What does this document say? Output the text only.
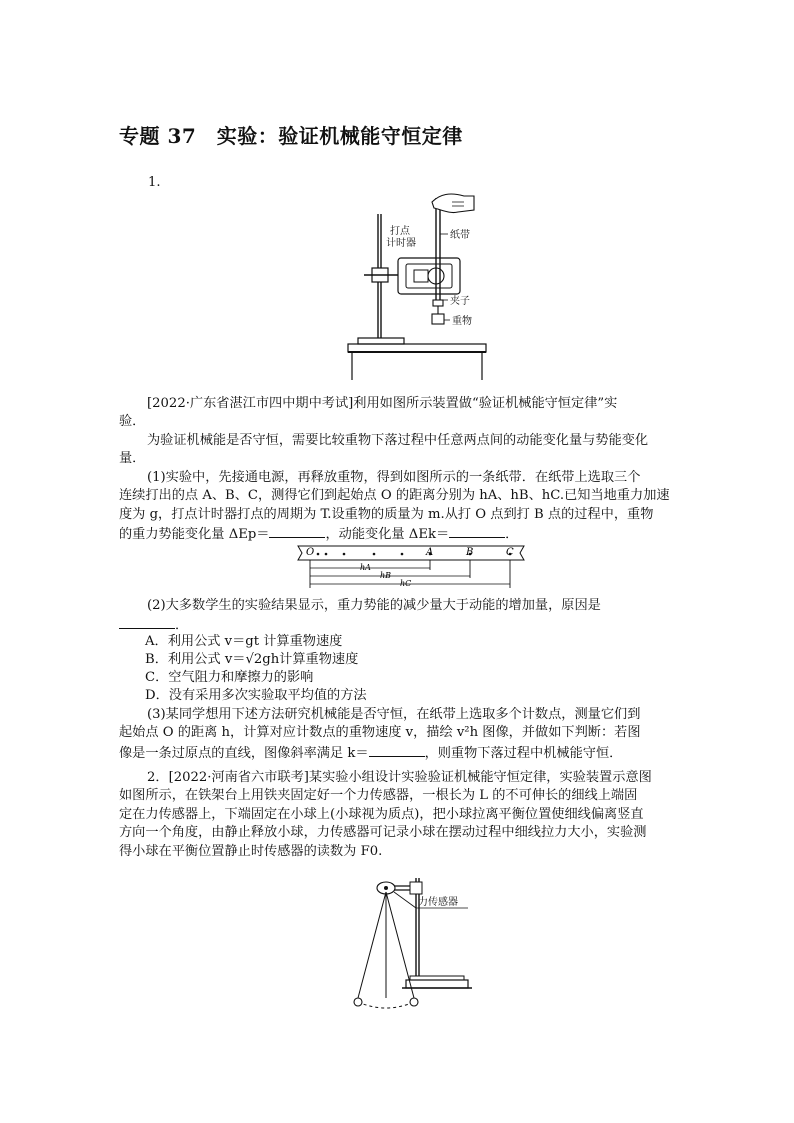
专题 37　实验：验证机械能守恒定律
1.
打点
计时器
纸带
夹子
重物
[2022·广东省湛江市四中期中考试]利用如图所示装置做“验证机械能守恒定律”实
验．
为验证机械能是否守恒，需要比较重物下落过程中任意两点间的动能变化量与势能变化
量．
(1)实验中，先接通电源，再释放重物，得到如图所示的一条纸带．在纸带上选取三个
连续打出的点 A、B、C，测得它们到起始点 O 的距离分别为 hA、hB、hC.已知当地重力加速
度为 g，打点计时器打点的周期为 T.设重物的质量为 m.从打 O 点到打 B 点的过程中，重物
的重力势能变化量 ΔEp＝	，动能变化量 ΔEk＝	．
O	A	B	C
hA
hB
hC
(2)大多数学生的实验结果显示，重力势能的减少量大于动能的增加量，原因是
．
A．利用公式 v＝gt 计算重物速度
B．利用公式 v＝√2gh计算重物速度
C．空气阻力和摩擦力的影响
D．没有采用多次实验取平均值的方法
(3)某同学想用下述方法研究机械能是否守恒，在纸带上选取多个计数点，测量它们到
起始点 O 的距离 h，计算对应计数点的重物速度 v，描绘 v²h 图像，并做如下判断：若图
像是一条过原点的直线，图像斜率满足 k＝	，则重物下落过程中机械能守恒．
2．[2022·河南省六市联考]某实验小组设计实验验证机械能守恒定律，实验装置示意图
如图所示，在铁架台上用铁夹固定好一个力传感器，一根长为 L 的不可伸长的细线上端固
定在力传感器上，下端固定在小球上(小球视为质点)，把小球拉离平衡位置使细线偏离竖直
方向一个角度，由静止释放小球，力传感器可记录小球在摆动过程中细线拉力大小，实验测
得小球在平衡位置静止时传感器的读数为 F0.
力传感器
